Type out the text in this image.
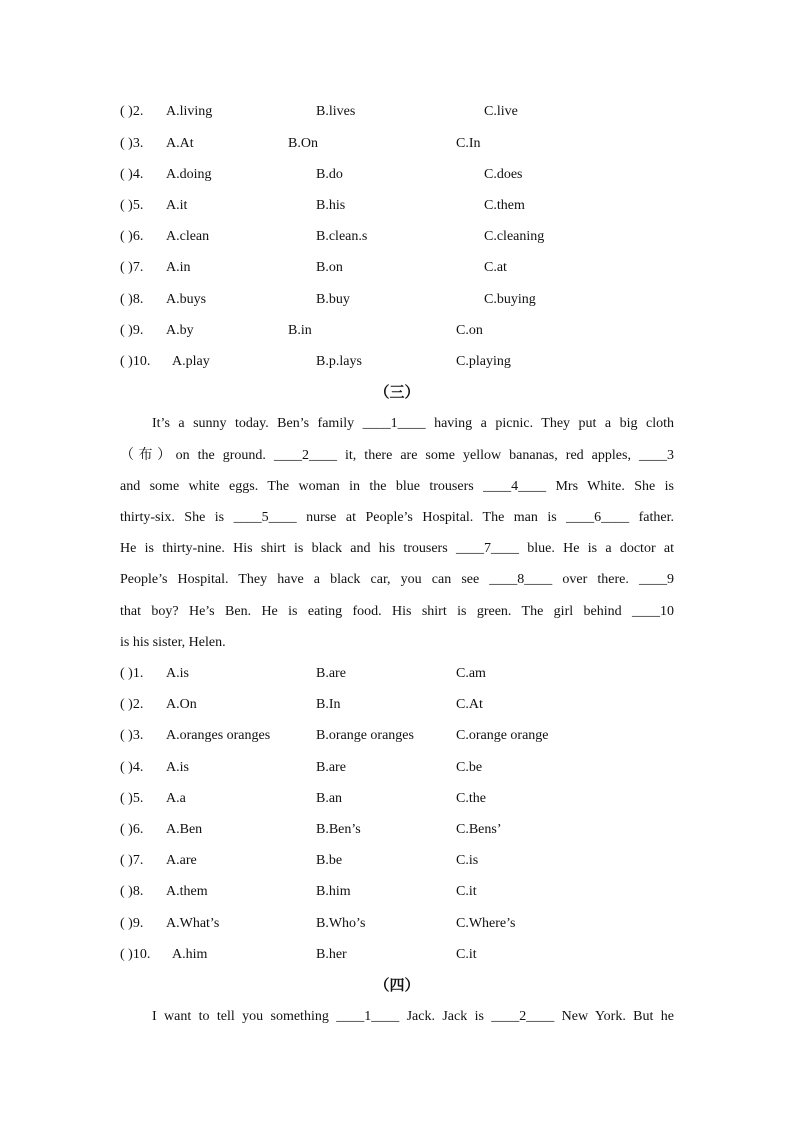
( )2. A.living	B.lives	C.live
( )3. A.At	B.On	C.In
( )4. A.doing	B.do	C.does
( )5. A.it	B.his	C.them
( )6. A.clean	B.clean.s	C.cleaning
( )7. A.in	B.on	C.at
( )8. A.buys	B.buy	C.buying
( )9. A.by	B.in	C.on
( )10. A.play	B.p.lays	C.playing
（三）
It’s a sunny today. Ben’s family ____1____ having a picnic. They put a big cloth
（布）on the ground. ____2____ it, there are some yellow bananas, red apples, ____3
and some white eggs. The woman in the blue trousers ____4____ Mrs White. She is
thirty-six. She is ____5____ nurse at People’s Hospital. The man is ____6____ father.
He is thirty-nine. His shirt is black and his trousers ____7____ blue. He is a doctor at
People’s Hospital. They have a black car, you can see ____8____ over there. ____9
that boy? He’s Ben. He is eating food. His shirt is green. The girl behind ____10
is his sister, Helen.
( )1. A.is	B.are	C.am
( )2. A.On	B.In	C.At
( )3. A.oranges oranges	B.orange oranges	C.orange orange
( )4. A.is	B.are	C.be
( )5. A.a	B.an	C.the
( )6. A.Ben	B.Ben’s	C.Bens’
( )7. A.are	B.be	C.is
( )8. A.them	B.him	C.it
( )9. A.What’s	B.Who’s	C.Where’s
( )10. A.him	B.her	C.it
（四）
I want to tell you something ____1____ Jack. Jack is ____2____ New York. But he
